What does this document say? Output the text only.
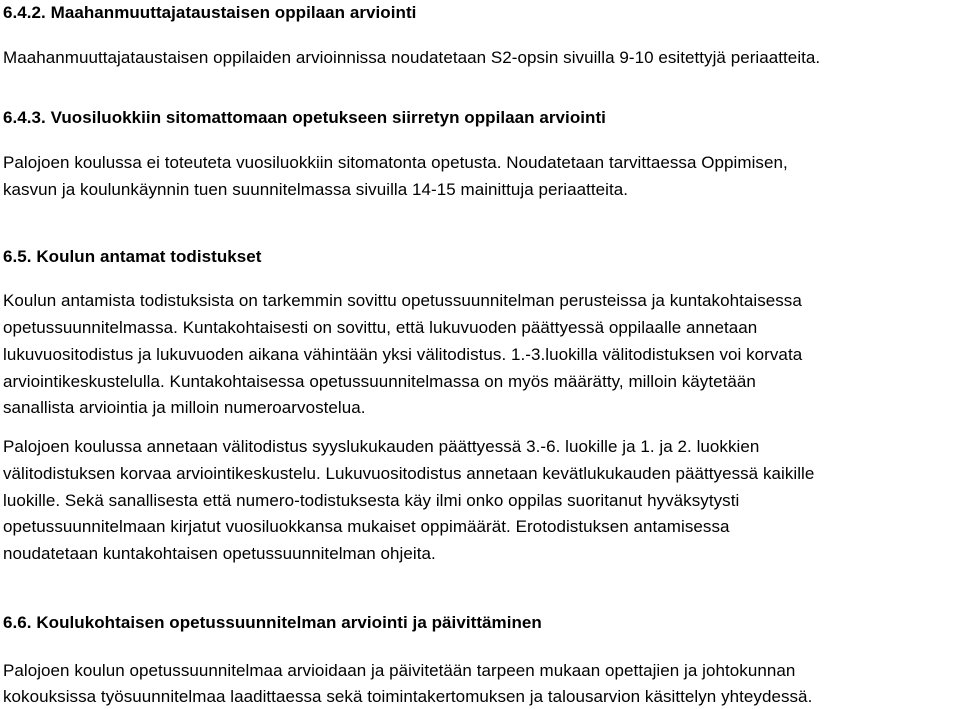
6.4.2. Maahanmuuttajataustaisen oppilaan arviointi
Maahanmuuttajataustaisen oppilaiden arvioinnissa noudatetaan S2-opsin sivuilla 9-10 esitettyjä periaatteita.
6.4.3. Vuosiluokkiin sitomattomaan opetukseen siirretyn oppilaan arviointi
Palojoen koulussa ei toteuteta vuosiluokkiin sitomatonta opetusta. Noudatetaan tarvittaessa Oppimisen,
kasvun ja koulunkäynnin tuen suunnitelmassa sivuilla 14-15 mainittuja periaatteita.
6.5. Koulun antamat todistukset
Koulun antamista todistuksista on tarkemmin sovittu opetussuunnitelman perusteissa ja kuntakohtaisessa
opetussuunnitelmassa. Kuntakohtaisesti on sovittu, että lukuvuoden päättyessä oppilaalle annetaan
lukuvuositodistus ja lukuvuoden aikana vähintään yksi välitodistus. 1.-3.luokilla välitodistuksen voi korvata
arviointikeskustelulla. Kuntakohtaisessa opetussuunnitelmassa on myös määrätty, milloin käytetään
sanallista arviointia ja milloin numeroarvostelua.
Palojoen koulussa annetaan välitodistus syyslukukauden päättyessä 3.-6. luokille ja 1. ja 2. luokkien
välitodistuksen korvaa arviointikeskustelu. Lukuvuositodistus annetaan kevätlukukauden päättyessä kaikille
luokille. Sekä sanallisesta että numero-todistuksesta käy ilmi onko oppilas suoritanut hyväksytysti
opetussuunnitelmaan kirjatut vuosiluokkansa mukaiset oppimäärät. Erotodistuksen antamisessa
noudatetaan kuntakohtaisen opetussuunnitelman ohjeita.
6.6. Koulukohtaisen opetussuunnitelman arviointi ja päivittäminen
Palojoen koulun opetussuunnitelmaa arvioidaan ja päivitetään tarpeen mukaan opettajien ja johtokunnan
kokouksissa työsuunnitelmaa laadittaessa sekä toimintakertomuksen ja talousarvion käsittelyn yhteydessä.
